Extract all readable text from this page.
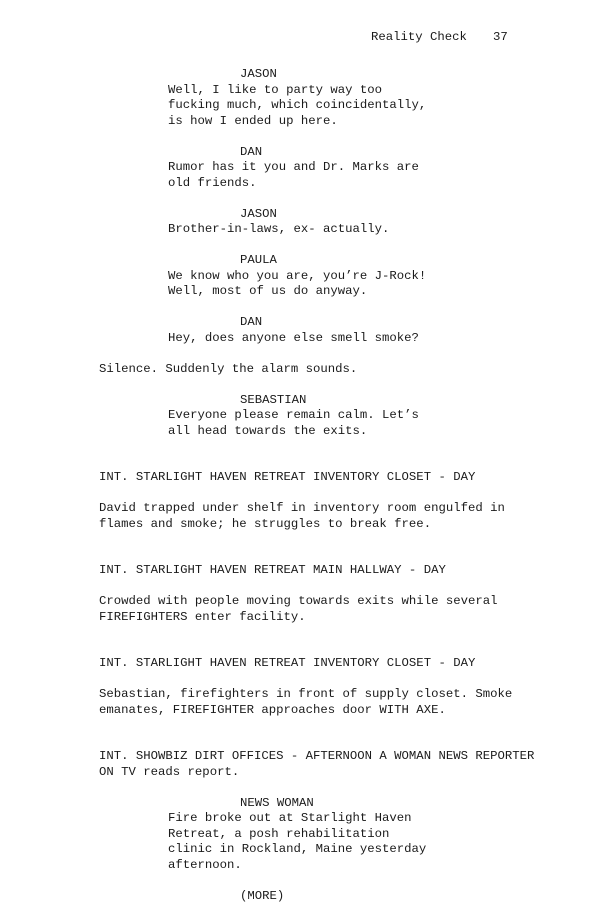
Reality Check 37
JASON
Well, I like to party way too
fucking much, which coincidentally,
is how I ended up here.
DAN
Rumor has it you and Dr. Marks are
old friends.
JASON
Brother-in-laws, ex- actually.
PAULA
We know who you are, you’re J-Rock!
Well, most of us do anyway.
DAN
Hey, does anyone else smell smoke?
Silence. Suddenly the alarm sounds.
SEBASTIAN
Everyone please remain calm. Let’s
all head towards the exits.
INT. STARLIGHT HAVEN RETREAT INVENTORY CLOSET - DAY
David trapped under shelf in inventory room engulfed in
flames and smoke; he struggles to break free.
INT. STARLIGHT HAVEN RETREAT MAIN HALLWAY - DAY
Crowded with people moving towards exits while several
FIREFIGHTERS enter facility.
INT. STARLIGHT HAVEN RETREAT INVENTORY CLOSET - DAY
Sebastian, firefighters in front of supply closet. Smoke
emanates, FIREFIGHTER approaches door WITH AXE.
INT. SHOWBIZ DIRT OFFICES - AFTERNOON A WOMAN NEWS REPORTER
ON TV reads report.
NEWS WOMAN
Fire broke out at Starlight Haven
Retreat, a posh rehabilitation
clinic in Rockland, Maine yesterday
afternoon.
(MORE)
